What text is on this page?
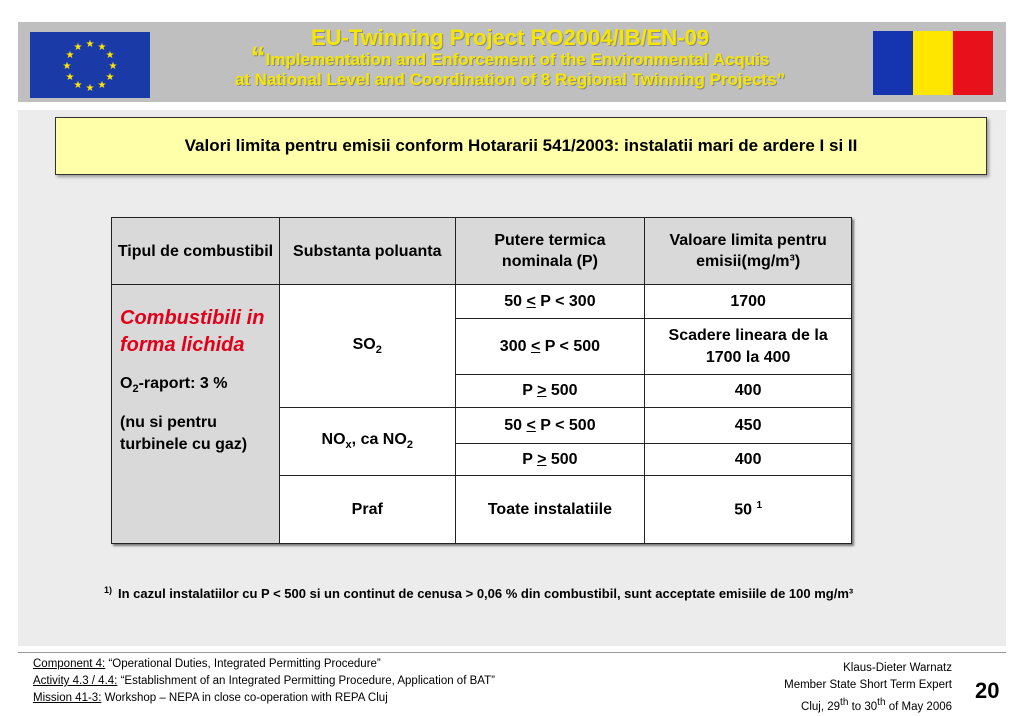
★ ★
★
★
★
★
★
★
★
★
★
★	EU-Twinning Project RO2004/IB/EN-09
“Implementation and Enforcement of the Environmental Acquis
at National Level and Coordination of 8 Regional Twinning Projects”
Valori limita pentru emisii conform Hotararii 541/2003: instalatii mari de ardere I si II
Tipul de combustibil	Substanta poluanta	Putere termica nominala (P)	Valoare limita pentru emisii(mg/m³)

Combustibili in forma lichida
$O_2$-raport: 3 %
(nu si pentru turbinele cu gaz)	$SO_2$	50 < P < 300	1700
		300 < P < 500	Scadere lineara de la 1700 la 400
		P > 500	400
	$NO_x$, ca $NO_2$	50 < P < 500	450
		P > 500	400
	Praf	Toate instalatiile	50 $^1$
$^{1)}$ In cazul instalatiilor cu P < 500 si un continut de cenusa > 0,06 % din combustibil, sunt acceptate emisiile de 100 mg/m³
Component 4: “Operational Duties, Integrated Permitting Procedure”
Activity 4.3 / 4.4: “Establishment of an Integrated Permitting Procedure, Application of BAT”
Mission 41-3: Workshop – NEPA in close co-operation with REPA Cluj
Klaus-Dieter Warnatz
Member State Short Term Expert
Cluj, 29th to 30th of May 2006
20
